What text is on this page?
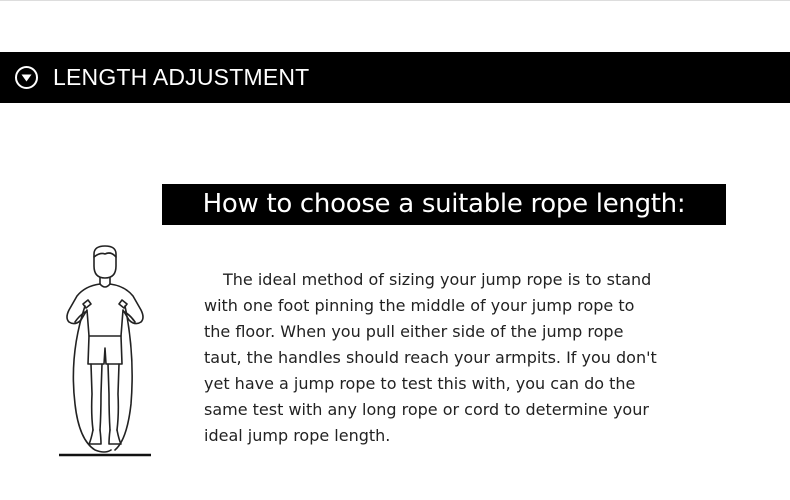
LENGTH ADJUSTMENT
How to choose a suitable rope length:

The ideal method of sizing your jump rope is to stand
with one foot pinning the middle of your jump rope to
the floor. When you pull either side of the jump rope
taut, the handles should reach your armpits. If you don't
yet have a jump rope to test this with, you can do the
same test with any long rope or cord to determine your
ideal jump rope length.
